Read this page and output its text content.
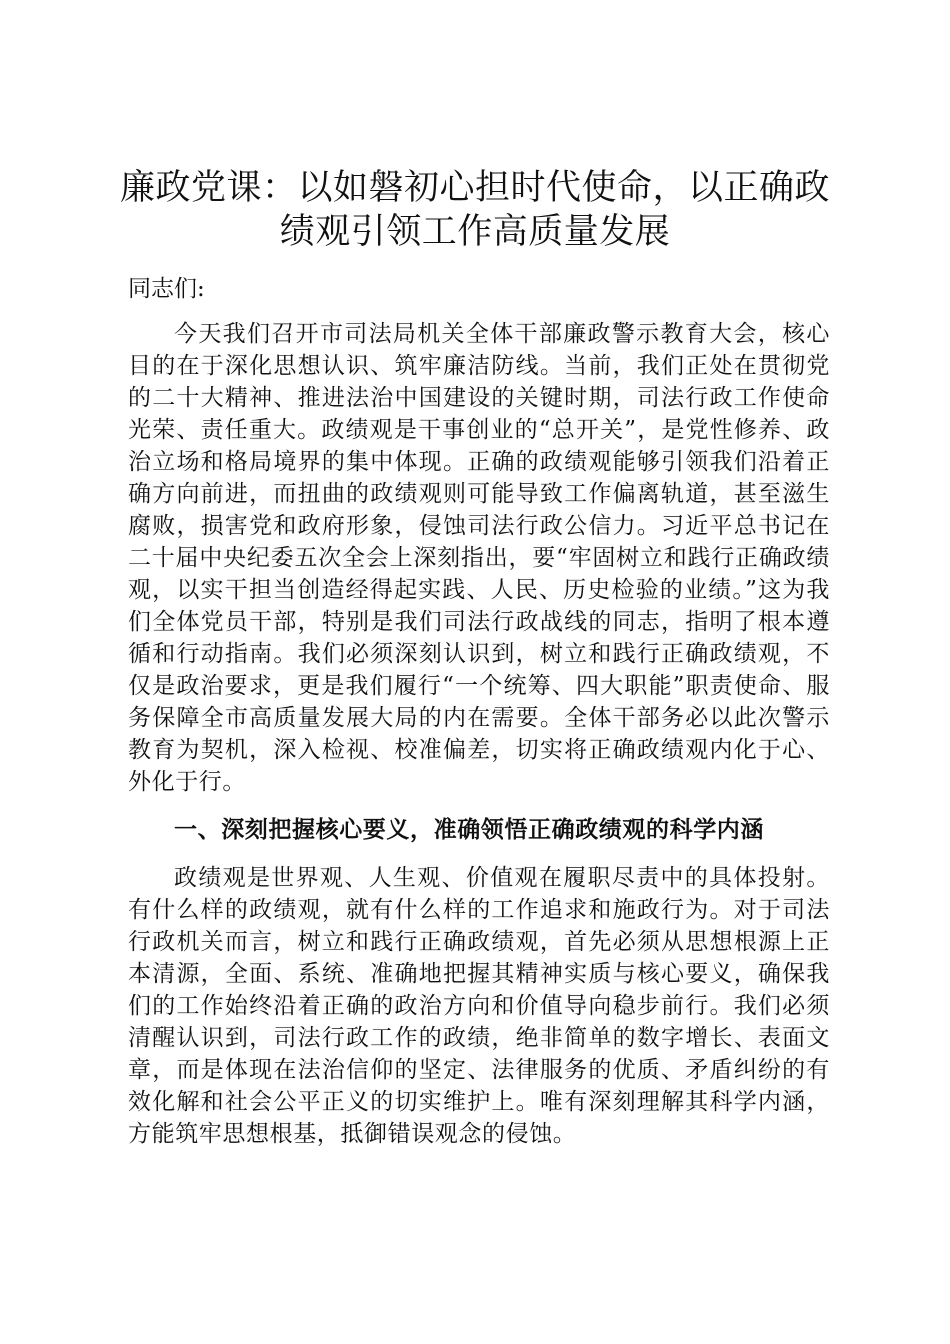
廉政党课：以如磐初心担时代使命，以正确政
绩观引领工作高质量发展

同志们:

今天我们召开市司法局机关全体干部廉政警示教育大会，核心目的在于深化思想认识、筑牢廉洁防线。当前，我们正处在贯彻党的二十大精神、推进法治中国建设的关键时期，司法行政工作使命光荣、责任重大。政绩观是干事创业的“总开关”，是党性修养、政治立场和格局境界的集中体现。正确的政绩观能够引领我们沿着正确方向前进，而扭曲的政绩观则可能导致工作偏离轨道，甚至滋生腐败，损害党和政府形象，侵蚀司法行政公信力。习近平总书记在二十届中央纪委五次全会上深刻指出，要“牢固树立和践行正确政绩观，以实干担当创造经得起实践、人民、历史检验的业绩。”这为我们全体党员干部，特别是我们司法行政战线的同志，指明了根本遵循和行动指南。我们必须深刻认识到，树立和践行正确政绩观，不仅是政治要求，更是我们履行“一个统筹、四大职能”职责使命、服务保障全市高质量发展大局的内在需要。全体干部务必以此次警示教育为契机，深入检视、校准偏差，切实将正确政绩观内化于心、外化于行。

一、深刻把握核心要义，准确领悟正确政绩观的科学内涵

政绩观是世界观、人生观、价值观在履职尽责中的具体投射。有什么样的政绩观，就有什么样的工作追求和施政行为。对于司法行政机关而言，树立和践行正确政绩观，首先必须从思想根源上正本清源，全面、系统、准确地把握其精神实质与核心要义，确保我们的工作始终沿着正确的政治方向和价值导向稳步前行。我们必须清醒认识到，司法行政工作的政绩，绝非简单的数字增长、表面文章，而是体现在法治信仰的坚定、法律服务的优质、矛盾纠纷的有效化解和社会公平正义的切实维护上。唯有深刻理解其科学内涵，方能筑牢思想根基，抵御错误观念的侵蚀。
